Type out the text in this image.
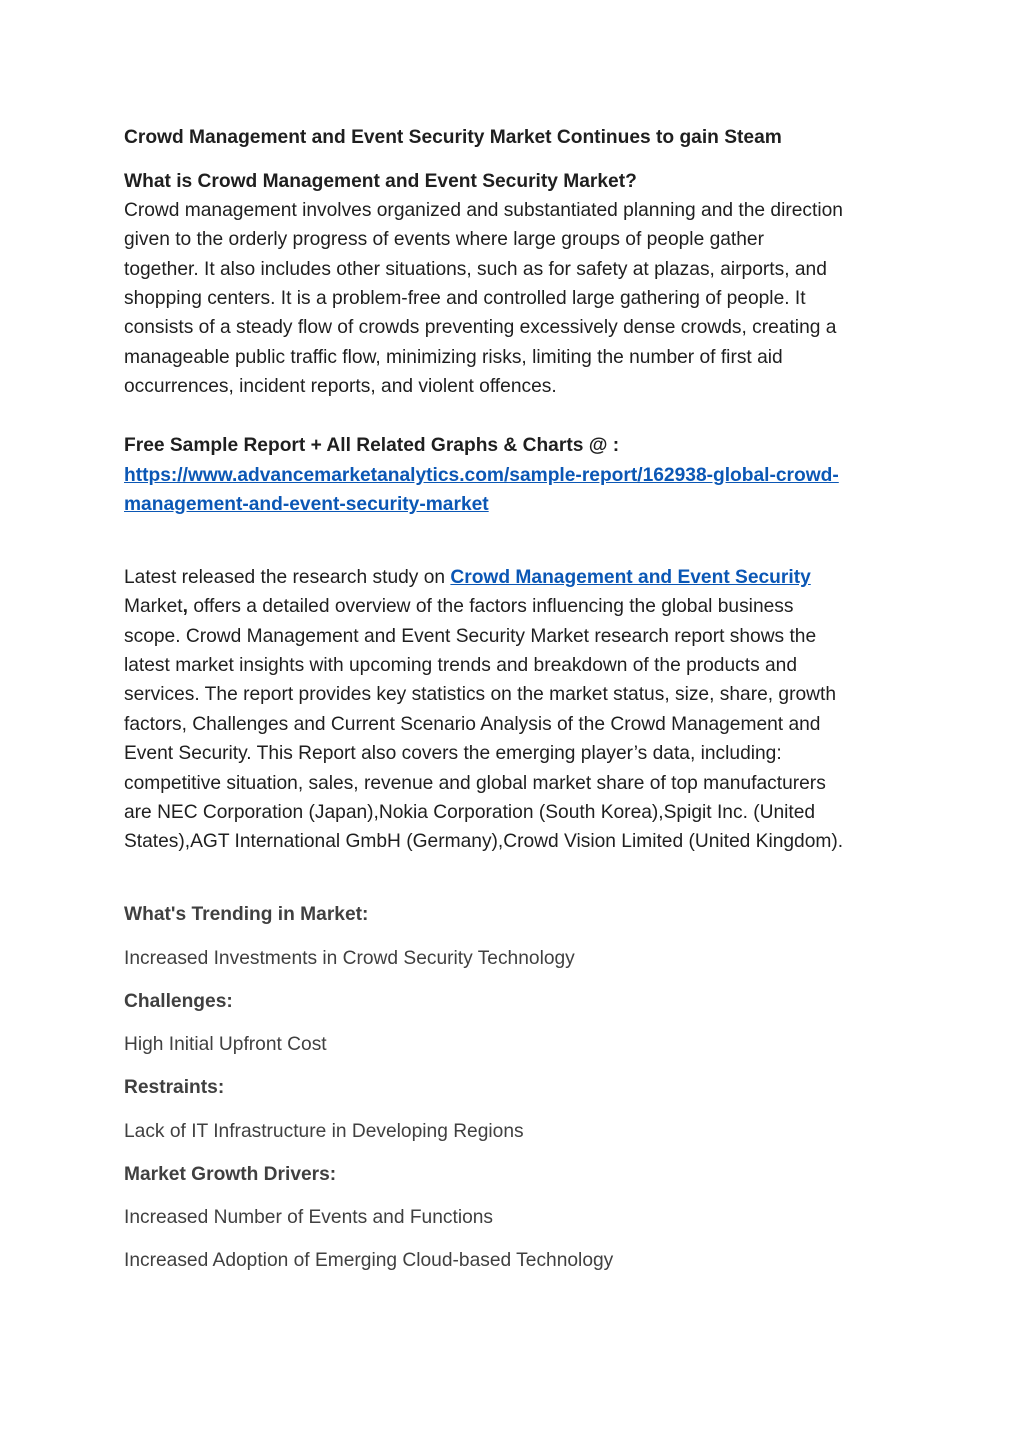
Crowd Management and Event Security Market Continues to gain Steam
What is Crowd Management and Event Security Market?
Crowd management involves organized and substantiated planning and the direction
given to the orderly progress of events where large groups of people gather
together. It also includes other situations, such as for safety at plazas, airports, and
shopping centers. It is a problem-free and controlled large gathering of people. It
consists of a steady flow of crowds preventing excessively dense crowds, creating a
manageable public traffic flow, minimizing risks, limiting the number of first aid
occurrences, incident reports, and violent offences.
Free Sample Report + All Related Graphs & Charts @ :
https://www.advancemarketanalytics.com/sample-report/162938-global-crowd-
management-and-event-security-market
Latest released the research study on Crowd Management and Event Security
Market, offers a detailed overview of the factors influencing the global business
scope. Crowd Management and Event Security Market research report shows the
latest market insights with upcoming trends and breakdown of the products and
services. The report provides key statistics on the market status, size, share, growth
factors, Challenges and Current Scenario Analysis of the Crowd Management and
Event Security. This Report also covers the emerging player’s data, including:
competitive situation, sales, revenue and global market share of top manufacturers
are NEC Corporation (Japan),Nokia Corporation (South Korea),Spigit Inc. (United
States),AGT International GmbH (Germany),Crowd Vision Limited (United Kingdom).
What's Trending in Market:
Increased Investments in Crowd Security Technology
Challenges:
High Initial Upfront Cost
Restraints:
Lack of IT Infrastructure in Developing Regions
Market Growth Drivers:
Increased Number of Events and Functions
Increased Adoption of Emerging Cloud-based Technology
